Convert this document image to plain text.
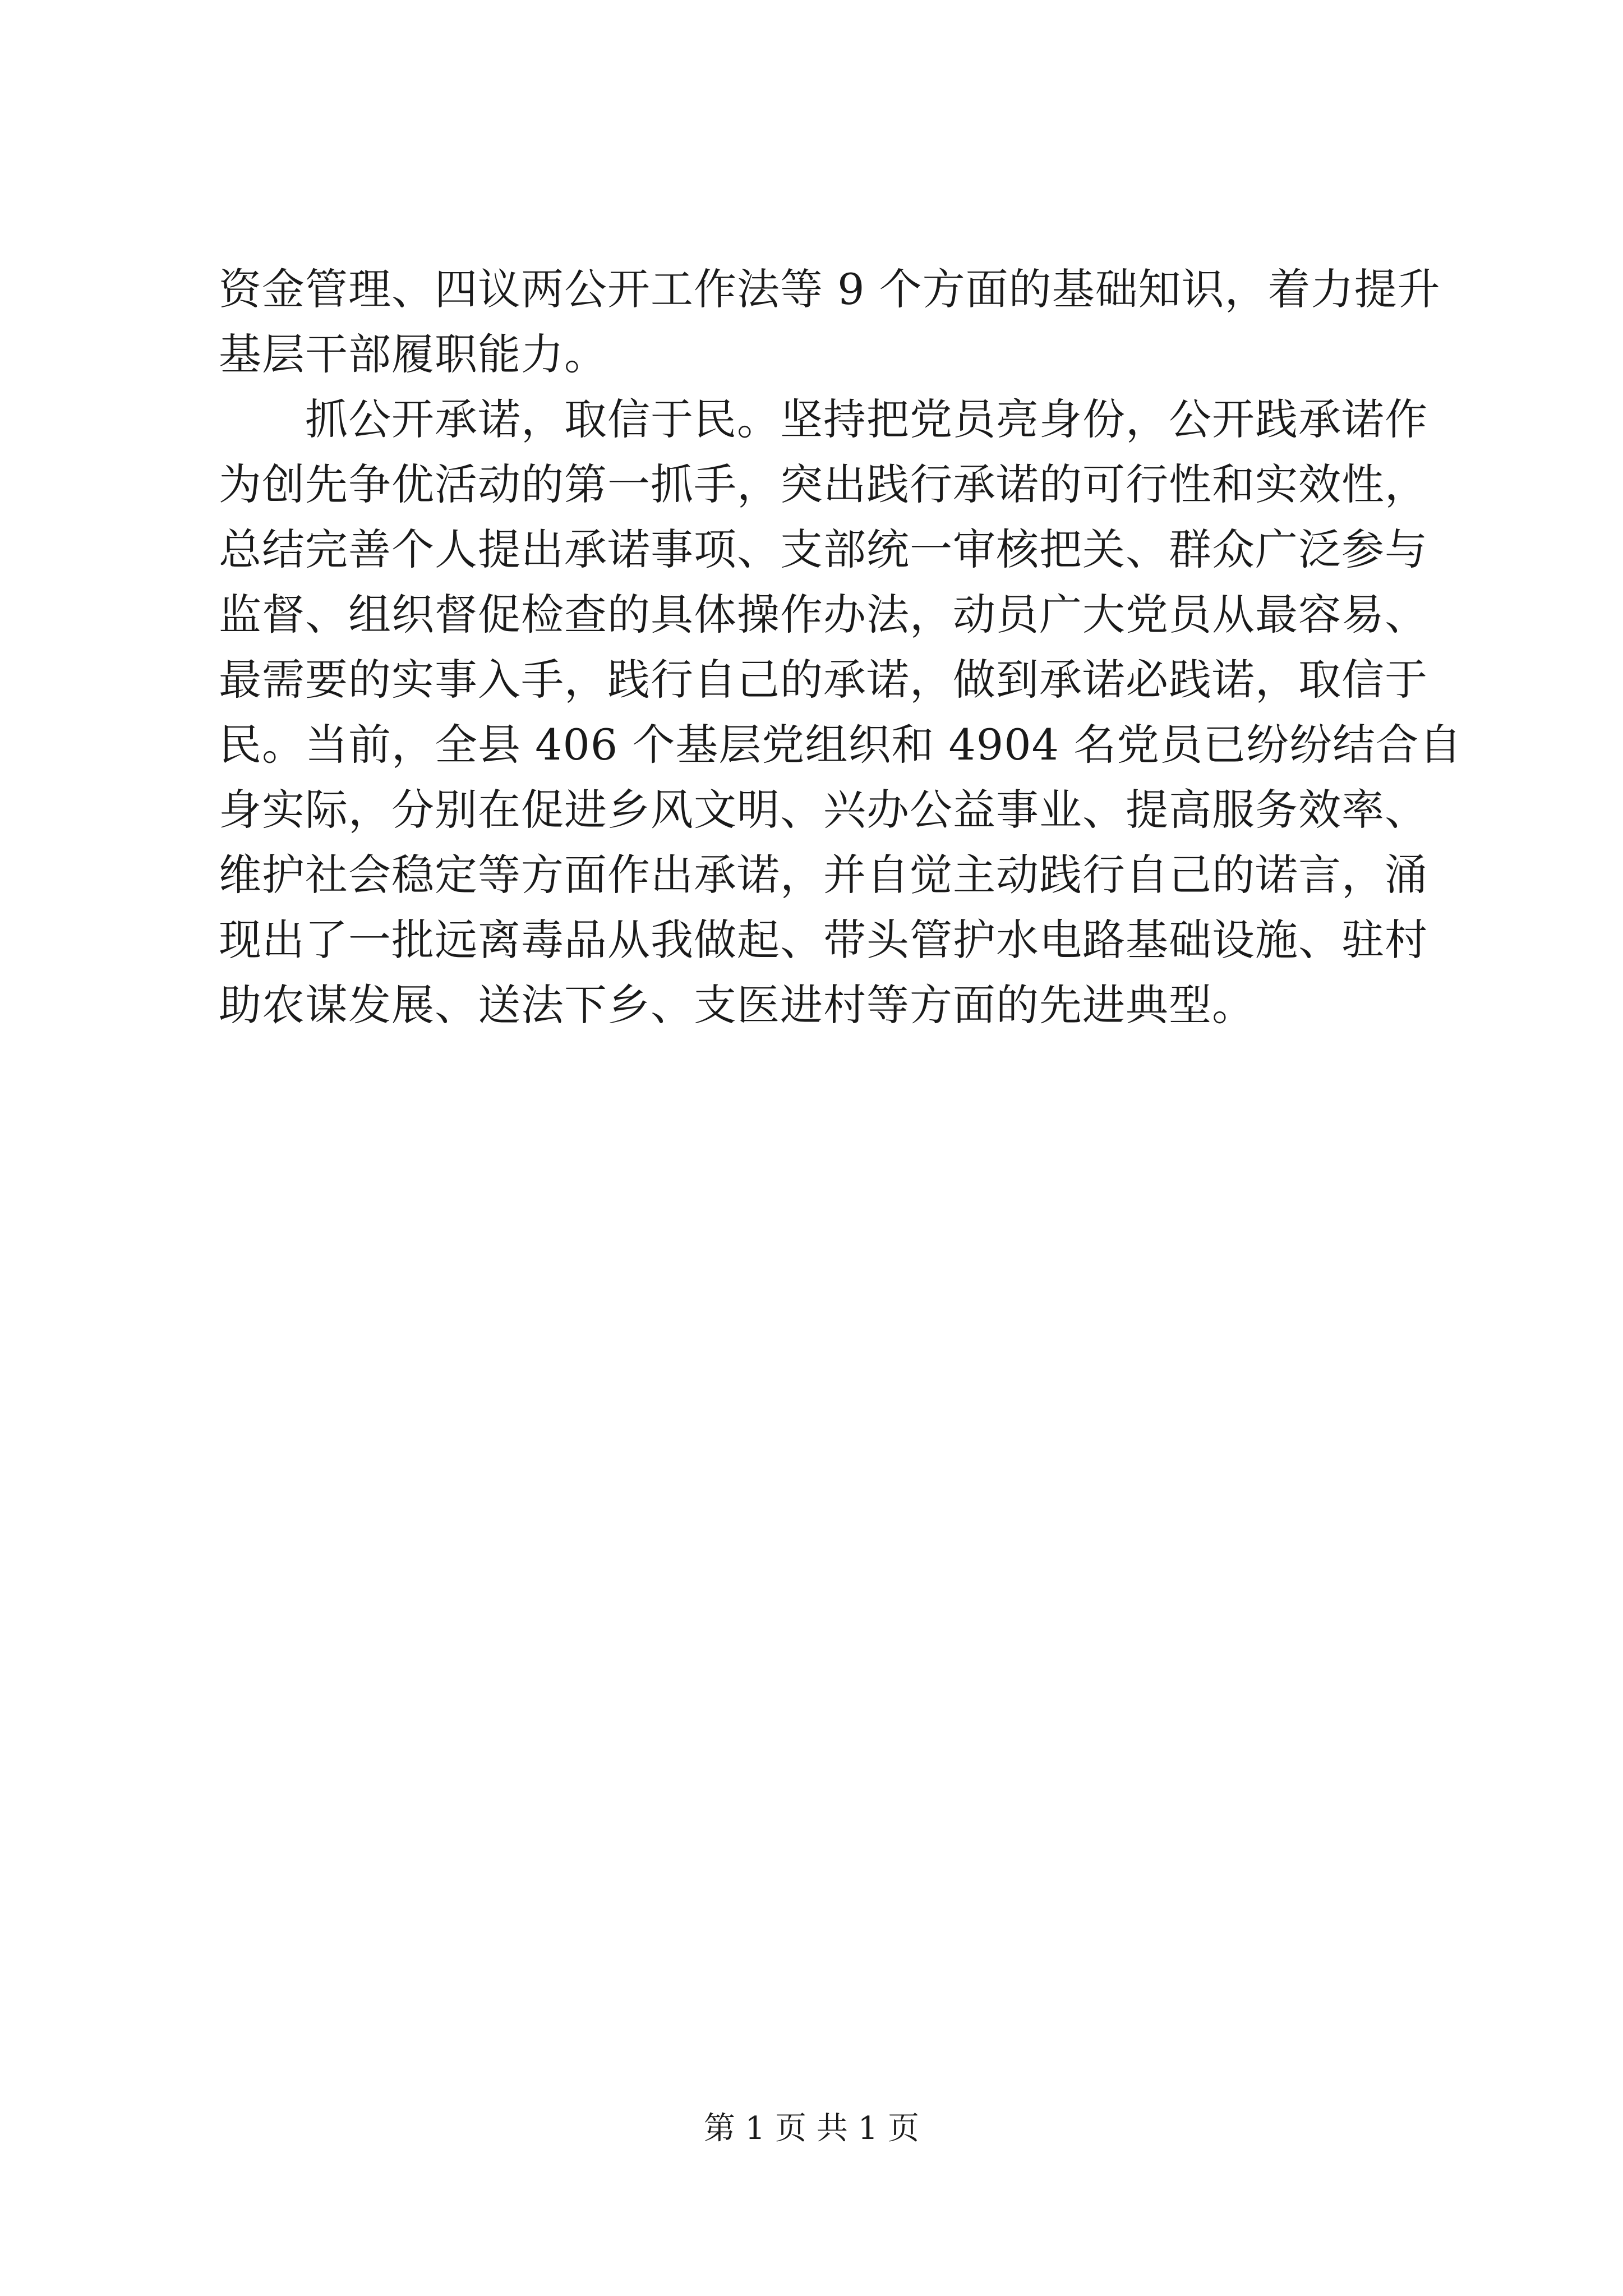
资金管理、四议两公开工作法等 9 个方面的基础知识，着力提升
基层干部履职能力。
　　抓公开承诺，取信于民。坚持把党员亮身份，公开践承诺作
为创先争优活动的第一抓手，突出践行承诺的可行性和实效性，
总结完善个人提出承诺事项、支部统一审核把关、群众广泛参与
监督、组织督促检查的具体操作办法，动员广大党员从最容易、
最需要的实事入手，践行自己的承诺，做到承诺必践诺，取信于
民。当前，全县 406 个基层党组织和 4904 名党员已纷纷结合自
身实际，分别在促进乡风文明、兴办公益事业、提高服务效率、
维护社会稳定等方面作出承诺，并自觉主动践行自己的诺言，涌
现出了一批远离毒品从我做起、带头管护水电路基础设施、驻村
助农谋发展、送法下乡、支医进村等方面的先进典型。
第 1 页 共 1 页
